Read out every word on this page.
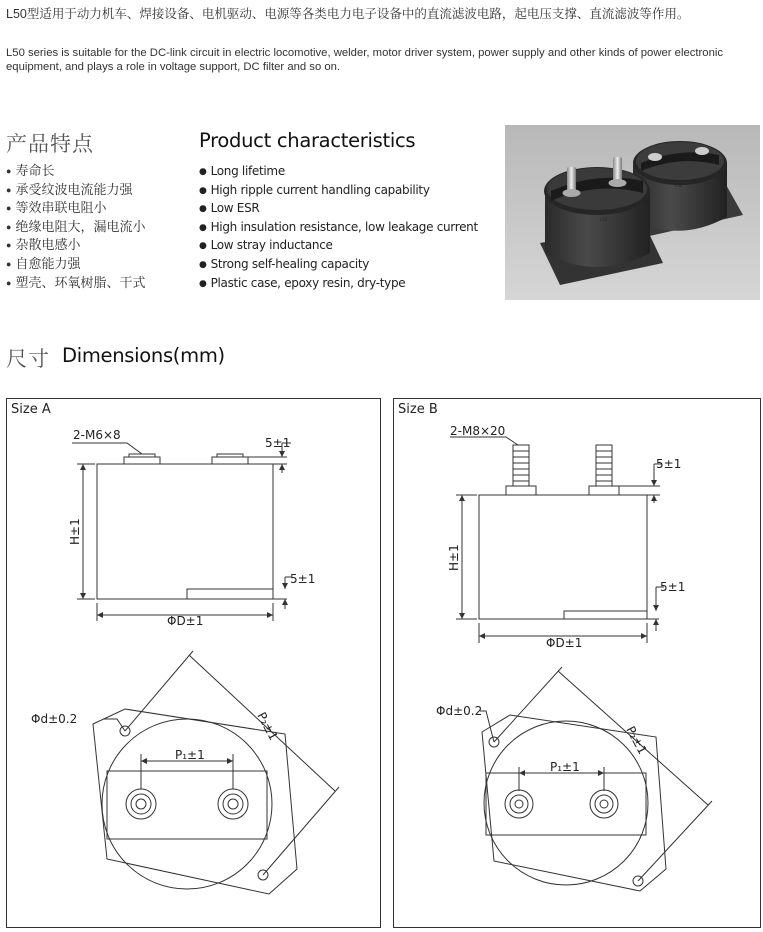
L50型适用于动力机车、焊接设备、电机驱动、电源等各类电力电子设备中的直流滤波电路，起电压支撑、直流滤波等作用。
L50 series is suitable for the DC-link circuit in electric locomotive, welder, motor driver system, power supply and other kinds of power electronic equipment, and plays a role in voltage support, DC filter and so on.
产品特点	Product characteristics
● 寿命长
● 承受纹波电流能力强
● 等效串联电阻小
● 绝缘电阻大，漏电流小
● 杂散电感小
● 自愈能力强
● 塑壳、环氧树脂、干式
● Long lifetime
● High ripple current handling capability
● Low ESR
● High insulation resistance, low leakage current
● Low stray inductance
● Strong self-healing capacity
● Plastic case, epoxy resin, dry-type
L50
L50
尺寸 Dimensions(mm)
Size A
2-M6×8
5±1
5±1
H±1
ΦD±1
Φd±0.2
P₁±1
P₂±1
Size B
2-M8×20
5±1
5±1
H±1
ΦD±1
Φd±0.2
P₁±1
P₂±1
